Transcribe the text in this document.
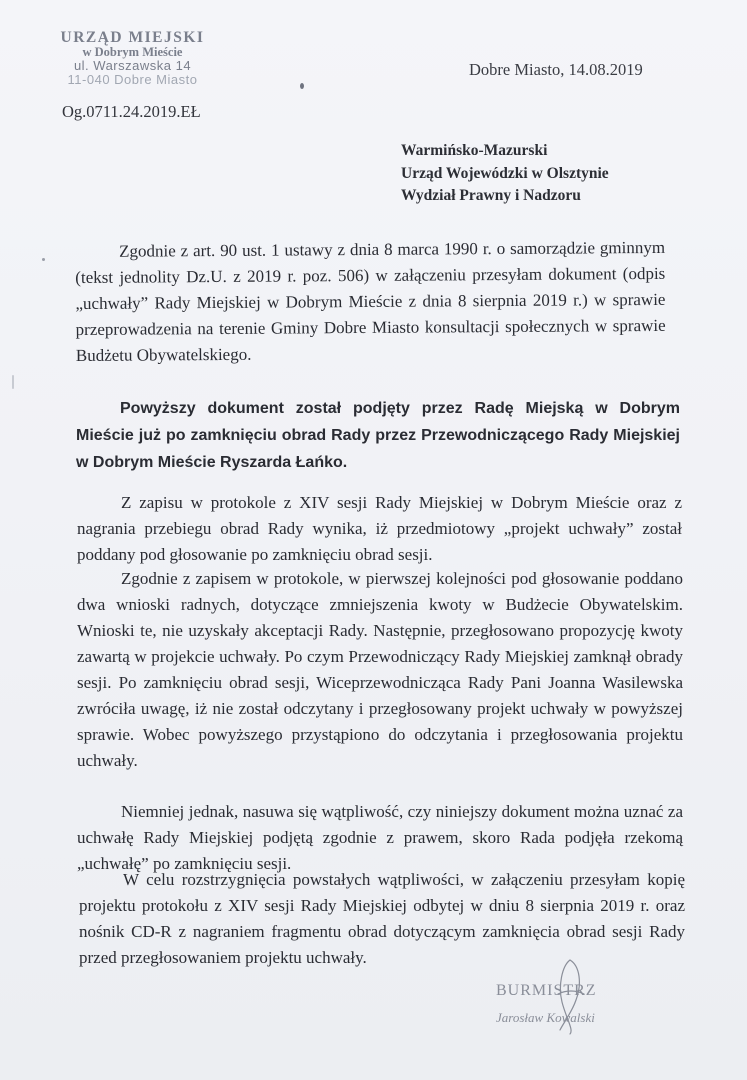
URZĄD MIEJSKI
w Dobrym Mieście
ul. Warszawska 14
11-040 Dobre Miasto
Og.0711.24.2019.EŁ
Dobre Miasto, 14.08.2019
Warmińsko-Mazurski
Urząd Wojewódzki w Olsztynie
Wydział Prawny i Nadzoru

Zgodnie z art. 90 ust. 1 ustawy z dnia 8 marca 1990 r. o samorządzie gminnym (tekst jednolity Dz.U. z 2019 r. poz. 506) w załączeniu przesyłam dokument (odpis „uchwały” Rady Miejskiej w Dobrym Mieście z dnia 8 sierpnia 2019 r.) w sprawie przeprowadzenia na terenie Gminy Dobre Miasto konsultacji społecznych w sprawie Budżetu Obywatelskiego.

Powyższy dokument został podjęty przez Radę Miejską w Dobrym Mieście już po zamknięciu obrad Rady przez Przewodniczącego Rady Miejskiej w Dobrym Mieście Ryszarda Łańko.

Z zapisu w protokole z XIV sesji Rady Miejskiej w Dobrym Mieście oraz z nagrania przebiegu obrad Rady wynika, iż przedmiotowy „projekt uchwały” został poddany pod głosowanie po zamknięciu obrad sesji.

Zgodnie z zapisem w protokole, w pierwszej kolejności pod głosowanie poddano dwa wnioski radnych, dotyczące zmniejszenia kwoty w Budżecie Obywatelskim. Wnioski te, nie uzyskały akceptacji Rady. Następnie, przegłosowano propozycję kwoty zawartą w projekcie uchwały. Po czym Przewodniczący Rady Miejskiej zamknął obrady sesji. Po zamknięciu obrad sesji, Wiceprzewodnicząca Rady Pani Joanna Wasilewska zwróciła uwagę, iż nie został odczytany i przegłosowany projekt uchwały w powyższej sprawie. Wobec powyższego przystąpiono do odczytania i przegłosowania projektu uchwały.

Niemniej jednak, nasuwa się wątpliwość, czy niniejszy dokument można uznać za uchwałę Rady Miejskiej podjętą zgodnie z prawem, skoro Rada podjęła rzekomą „uchwałę” po zamknięciu sesji.

W celu rozstrzygnięcia powstałych wątpliwości, w załączeniu przesyłam kopię projektu protokołu z XIV sesji Rady Miejskiej odbytej w dniu 8 sierpnia 2019 r. oraz nośnik CD-R z nagraniem fragmentu obrad dotyczącym zamknięcia obrad sesji Rady przed przegłosowaniem projektu uchwały.

BURMISTRZ
Jarosław Kowalski
